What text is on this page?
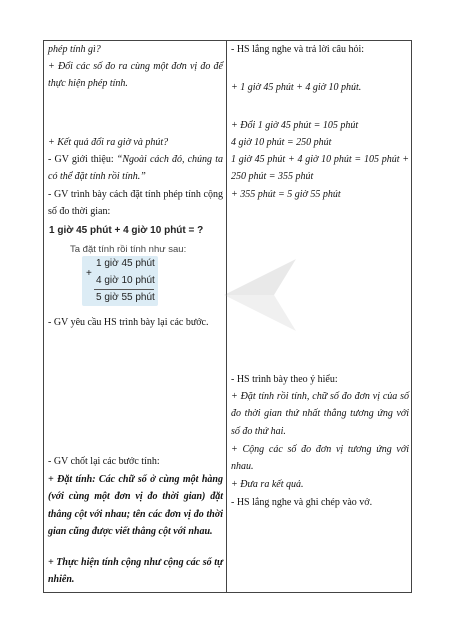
phép tính gì?

+ Đổi các số đo ra cùng một đơn vị đo để thực hiện phép tính.

+ Kết quả đổi ra giờ và phút?

- GV giới thiệu: “Ngoài cách đó, chúng ta có thể đặt tính rồi tính.”

- GV trình bày cách đặt tính phép tính cộng số đo thời gian:

1 giờ 45 phút + 4 giờ 10 phút = ?
Ta đặt tính rồi tính như sau:
1 giờ 45 phút
+
4 giờ 10 phút
5 giờ 55 phút

- GV yêu cầu HS trình bày lại các bước.

- GV chốt lại các bước tính:

+ Đặt tính: Các chữ số ở cùng một hàng (với cùng một đơn vị đo thời gian) đặt thẳng cột với nhau; tên các đơn vị đo thời gian cũng được viết thẳng cột với nhau.

+ Thực hiện tính cộng như cộng các số tự nhiên.

- HS lắng nghe và trả lời câu hỏi:

+ 1 giờ 45 phút + 4 giờ 10 phút.

+ Đổi 1 giờ 45 phút = 105 phút

4 giờ 10 phút = 250 phút

1 giờ 45 phút + 4 giờ 10 phút = 105 phút + 250 phút = 355 phút

+ 355 phút = 5 giờ 55 phút

- HS trình bày theo ý hiểu:

+ Đặt tính rồi tính, chữ số đo đơn vị của số đo thời gian thứ nhất thẳng tương ứng với số đo thứ hai.

+ Cộng các số đo đơn vị tương ứng với nhau.

+ Đưa ra kết quả.

- HS lắng nghe và ghi chép vào vở.
